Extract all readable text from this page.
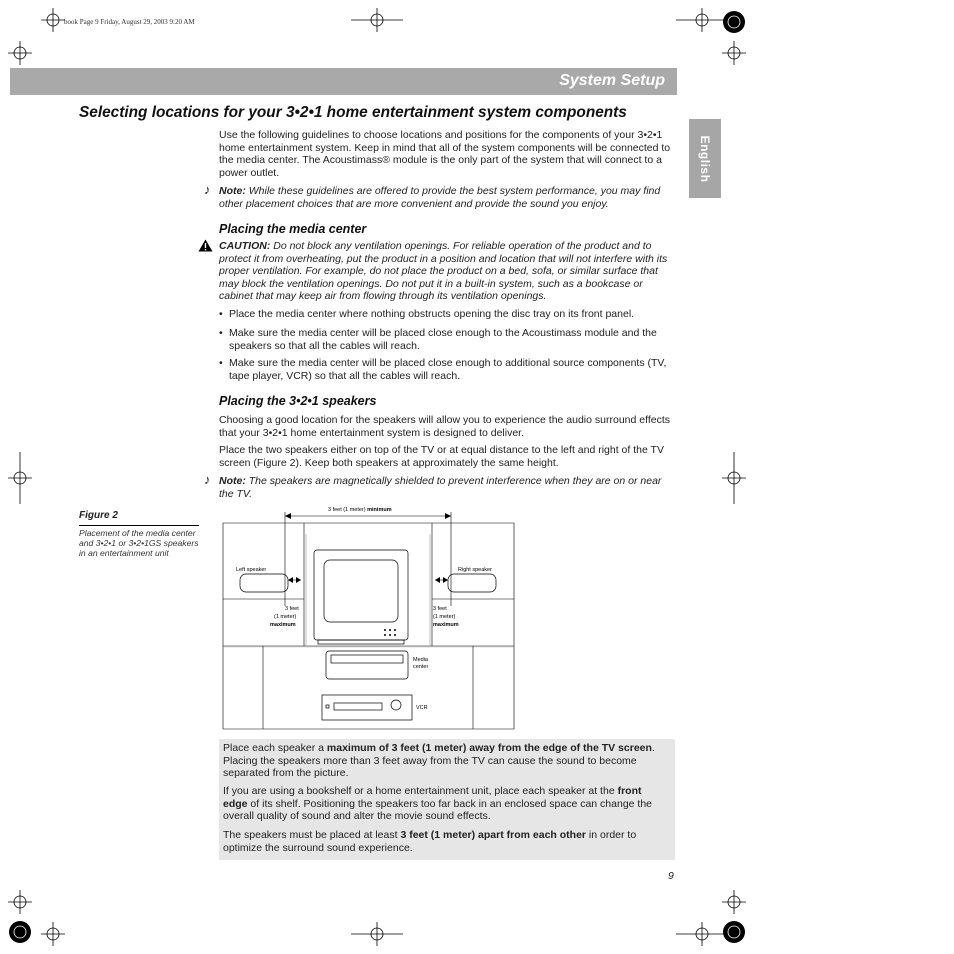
book Page 9 Friday, August 29, 2003 9:20 AM
System Setup
English
Selecting locations for your 3•2•1 home entertainment system components
Use the following guidelines to choose locations and positions for the components of your 3•2•1 home entertainment system. Keep in mind that all of the system components will be connected to the media center. The Acoustimass® module is the only part of the system that will connect to a power outlet.
♪ Note: While these guidelines are offered to provide the best system performance, you may find other placement choices that are more convenient and provide the sound you enjoy.
Placing the media center
CAUTION: Do not block any ventilation openings. For reliable operation of the product and to protect it from overheating, put the product in a position and location that will not interfere with its proper ventilation. For example, do not place the product on a bed, sofa, or similar surface that may block the ventilation openings. Do not put it in a built-in system, such as a bookcase or cabinet that may keep air from flowing through its ventilation openings.
• Place the media center where nothing obstructs opening the disc tray on its front panel.
• Make sure the media center will be placed close enough to the Acoustimass module and the speakers so that all the cables will reach.
• Make sure the media center will be placed close enough to additional source components (TV, tape player, VCR) so that all the cables will reach.
Placing the 3•2•1 speakers
Choosing a good location for the speakers will allow you to experience the audio surround effects that your 3•2•1 home entertainment system is designed to deliver.
Place the two speakers either on top of the TV or at equal distance to the left and right of the TV screen (Figure 2). Keep both speakers at approximately the same height.
♪ Note: The speakers are magnetically shielded to prevent interference when they are on or near the TV.
Figure 2
Placement of the media center and 3•2•1 or 3•2•1GS speakers in an entertainment unit
3 feet (1 meter) minimum
Left speaker	Right speaker
3 feet
(1 meter)
maximum
3 feet
(1 meter)
maximum
Media
center
VCR
Place each speaker a maximum of 3 feet (1 meter) away from the edge of the TV screen. Placing the speakers more than 3 feet away from the TV can cause the sound to become separated from the picture.
If you are using a bookshelf or a home entertainment unit, place each speaker at the front edge of its shelf. Positioning the speakers too far back in an enclosed space can change the overall quality of sound and alter the movie sound effects.
The speakers must be placed at least 3 feet (1 meter) apart from each other in order to optimize the surround sound experience.
9
